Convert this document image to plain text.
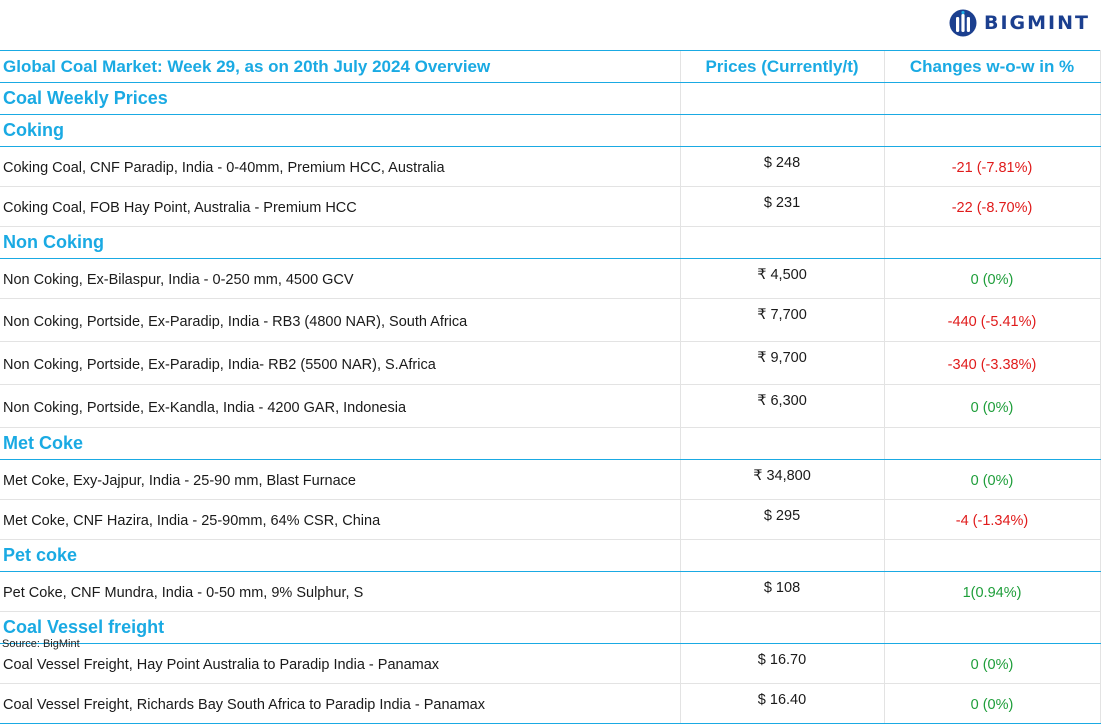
BIGMINT
Global Coal Market: Week 29, as on 20th July 2024 Overview	Prices (Currently/t)	Changes w-o-w in %
Coal Weekly Prices		
Coking		
Coking Coal, CNF Paradip, India - 0-40mm, Premium HCC, Australia	$ 248	-21 (-7.81%)
Coking Coal, FOB Hay Point, Australia - Premium HCC	$ 231	-22 (-8.70%)
Non Coking		
Non Coking, Ex-Bilaspur, India - 0-250 mm, 4500 GCV	₹ 4,500	0 (0%)
Non Coking, Portside, Ex-Paradip, India - RB3 (4800 NAR), South Africa	₹ 7,700	-440 (-5.41%)
Non Coking, Portside, Ex-Paradip, India- RB2 (5500 NAR), S.Africa	₹ 9,700	-340 (-3.38%)
Non Coking, Portside, Ex-Kandla, India - 4200 GAR, Indonesia	₹ 6,300	0 (0%)
Met Coke		
Met Coke, Exy-Jajpur, India - 25-90 mm, Blast Furnace	₹ 34,800	0 (0%)
Met Coke, CNF Hazira, India - 25-90mm, 64% CSR, China	$ 295	-4 (-1.34%)
Pet coke		
Pet Coke, CNF Mundra, India - 0-50 mm, 9% Sulphur, S	$ 108	1(0.94%)
Coal Vessel freight		
Coal Vessel Freight, Hay Point Australia to Paradip India - Panamax	$ 16.70	0 (0%)
Coal Vessel Freight, Richards Bay South Africa to Paradip India - Panamax	$ 16.40	0 (0%)
Source: BigMint
